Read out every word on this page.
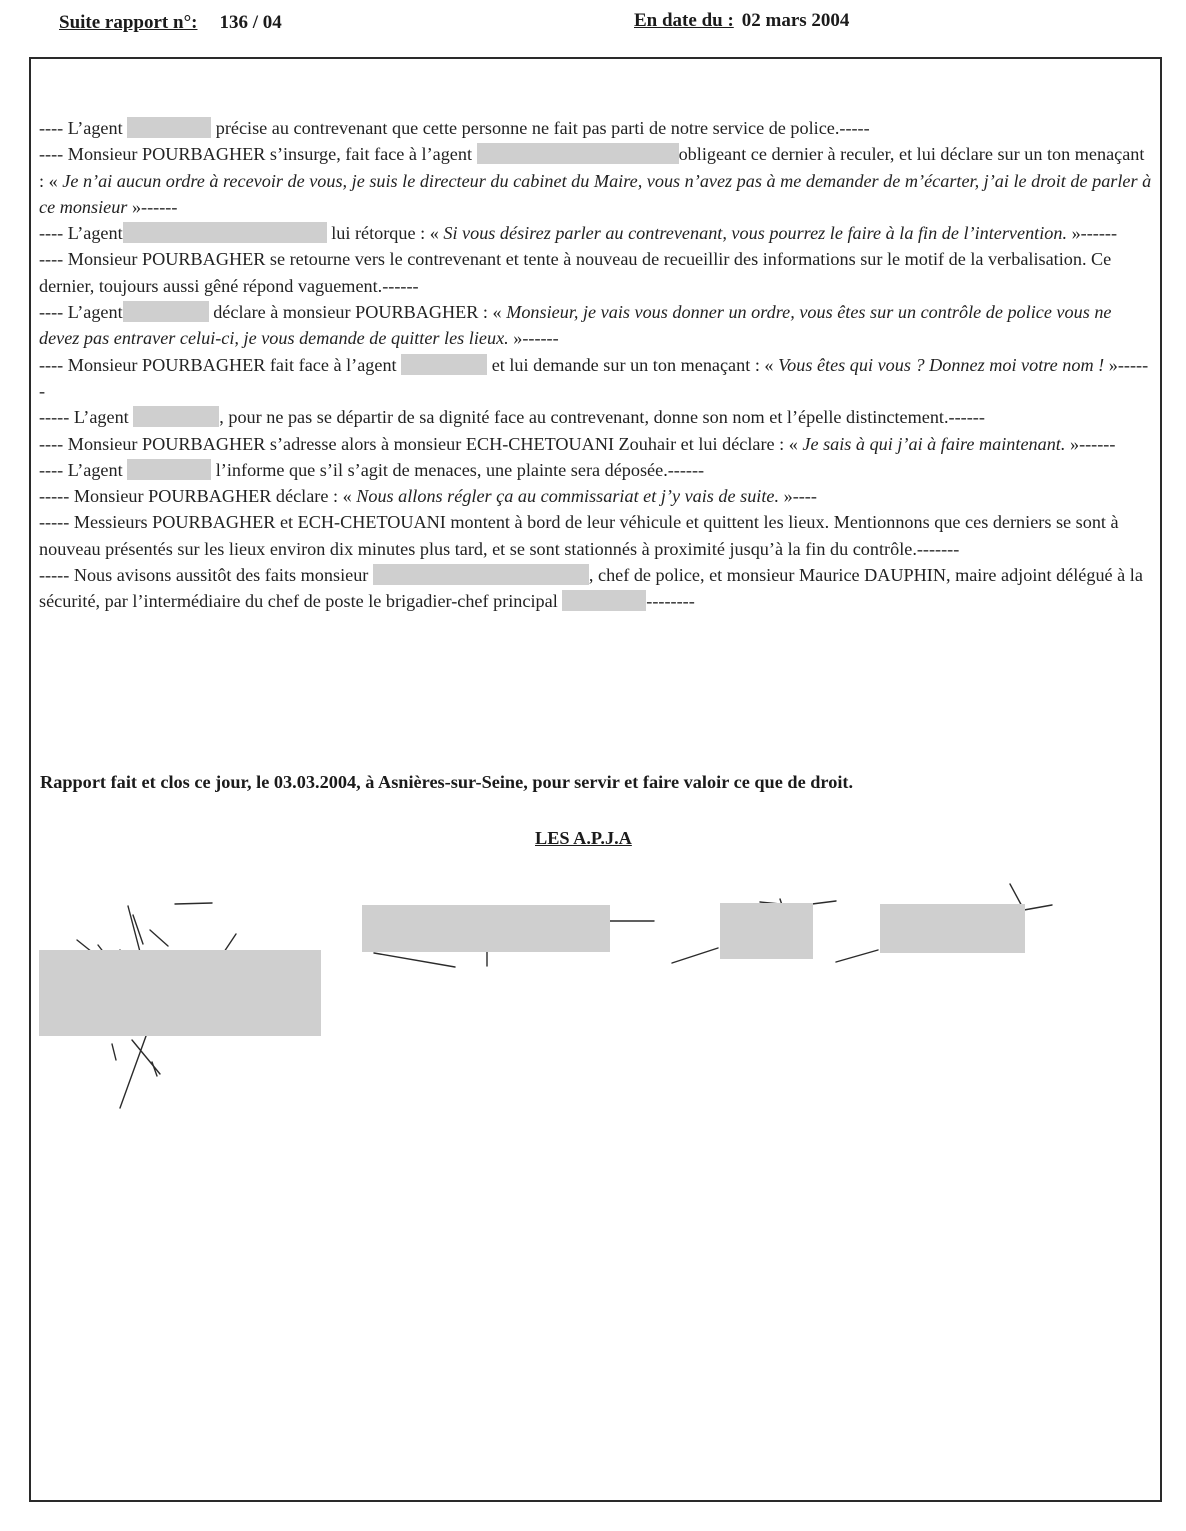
Suite rapport n°: 136 / 04	En date du : 02 mars 2004

---- L’agent	précise au contrevenant que cette personne ne fait pas parti de notre service de police.-----

---- Monsieur POURBAGHER s’insurge, fait face à l’agent	obligeant ce dernier à reculer, et lui déclare sur un ton menaçant : « Je n’ai aucun ordre à recevoir de vous, je suis le directeur du cabinet du Maire, vous n’avez pas à me demander de m’écarter, j’ai le droit de parler à ce monsieur »------

---- L’agent	lui rétorque : « Si vous désirez parler au contrevenant, vous pourrez le faire à la fin de l’intervention. »------

---- Monsieur POURBAGHER se retourne vers le contrevenant et tente à nouveau de recueillir des informations sur le motif de la verbalisation. Ce dernier, toujours aussi gêné répond vaguement.------

---- L’agent	déclare à monsieur POURBAGHER : « Monsieur, je vais vous donner un ordre, vous êtes sur un contrôle de police vous ne devez pas entraver celui-ci, je vous demande de quitter les lieux. »------

---- Monsieur POURBAGHER fait face à l’agent	et lui demande sur un ton menaçant : « Vous êtes qui vous ? Donnez moi votre nom ! »------

----- L’agent	, pour ne pas se départir de sa dignité face au contrevenant, donne son nom et l’épelle distinctement.------

---- Monsieur POURBAGHER s’adresse alors à monsieur ECH-CHETOUANI Zouhair et lui déclare : « Je sais à qui j’ai à faire maintenant. »------

---- L’agent	l’informe que s’il s’agit de menaces, une plainte sera déposée.------

----- Monsieur POURBAGHER déclare : « Nous allons régler ça au commissariat et j’y vais de suite. »----

----- Messieurs POURBAGHER et ECH-CHETOUANI montent à bord de leur véhicule et quittent les lieux. Mentionnons que ces derniers se sont à nouveau présentés sur les lieux environ dix minutes plus tard, et se sont stationnés à proximité jusqu’à la fin du contrôle.-------

----- Nous avisons aussitôt des faits monsieur	, chef de police, et monsieur Maurice DAUPHIN, maire adjoint délégué à la sécurité, par l’intermédiaire du chef de poste le brigadier-chef principal	--------

Rapport fait et clos ce jour, le 03.03.2004, à Asnières-sur-Seine, pour servir et faire valoir ce que de droit.
LES A.P.J.A
